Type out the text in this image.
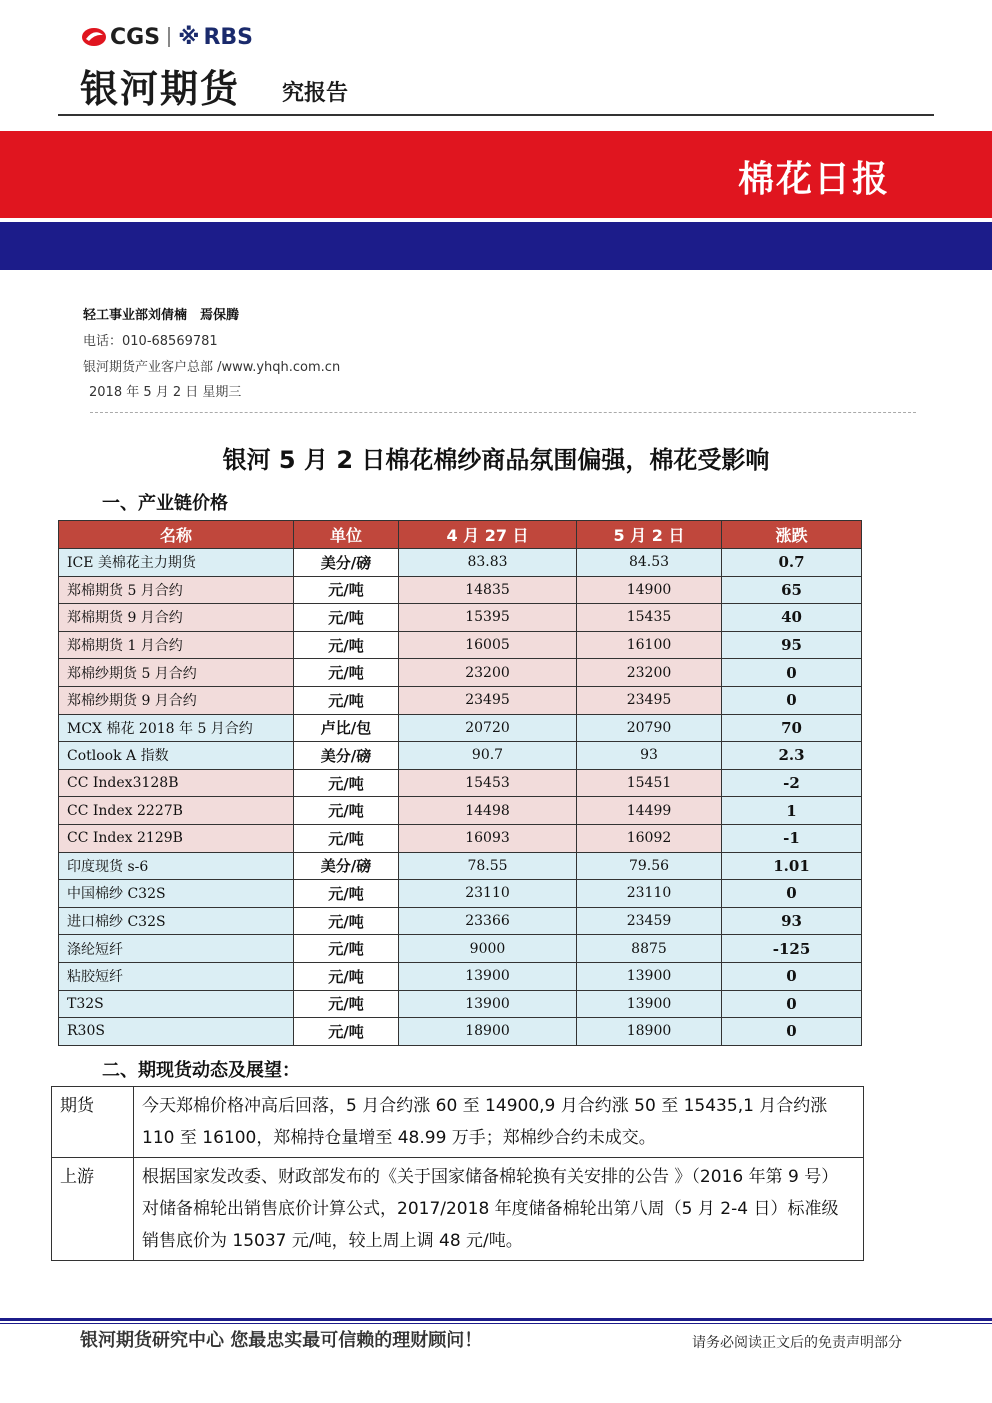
CGS ※ RBS
银河期货 究报告
棉花日报
轻工事业部刘倩楠　焉保腾
电话：010-68569781
银河期货产业客户总部 /www.yhqh.com.cn
2018 年 5 月 2 日 星期三
银河 5 月 2 日棉花棉纱商品氛围偏强，棉花受影响
一、产业链价格
名称	单位	4 月 27 日	5 月 2 日	涨跌
ICE 美棉花主力期货	美分/磅	83.83	84.53	0.7
郑棉期货 5 月合约	元/吨	14835	14900	65
郑棉期货 9 月合约	元/吨	15395	15435	40
郑棉期货 1 月合约	元/吨	16005	16100	95
郑棉纱期货 5 月合约	元/吨	23200	23200	0
郑棉纱期货 9 月合约	元/吨	23495	23495	0
MCX 棉花 2018 年 5 月合约	卢比/包	20720	20790	70
Cotlook A 指数	美分/磅	90.7	93	2.3
CC Index3128B	元/吨	15453	15451	-2
CC Index 2227B	元/吨	14498	14499	1
CC Index 2129B	元/吨	16093	16092	-1
印度现货 s-6	美分/磅	78.55	79.56	1.01
中国棉纱 C32S	元/吨	23110	23110	0
进口棉纱 C32S	元/吨	23366	23459	93
涤纶短纤	元/吨	9000	8875	-125
粘胶短纤	元/吨	13900	13900	0
T32S	元/吨	13900	13900	0
R30S	元/吨	18900	18900	0
二、期现货动态及展望：
期货	今天郑棉价格冲高后回落，5 月合约涨 60 至 14900,9 月合约涨 50 至 15435,1 月合约涨 110 至 16100，郑棉持仓量增至 48.99 万手；郑棉纱合约未成交。
上游	根据国家发改委、财政部发布的《关于国家储备棉轮换有关安排的公告 》（2016 年第 9 号）对储备棉轮出销售底价计算公式，2017/2018 年度储备棉轮出第八周（5 月 2-4 日）标准级销售底价为 15037 元/吨，较上周上调 48 元/吨。
银河期货研究中心 您最忠实最可信赖的理财顾问！	请务必阅读正文后的免责声明部分
